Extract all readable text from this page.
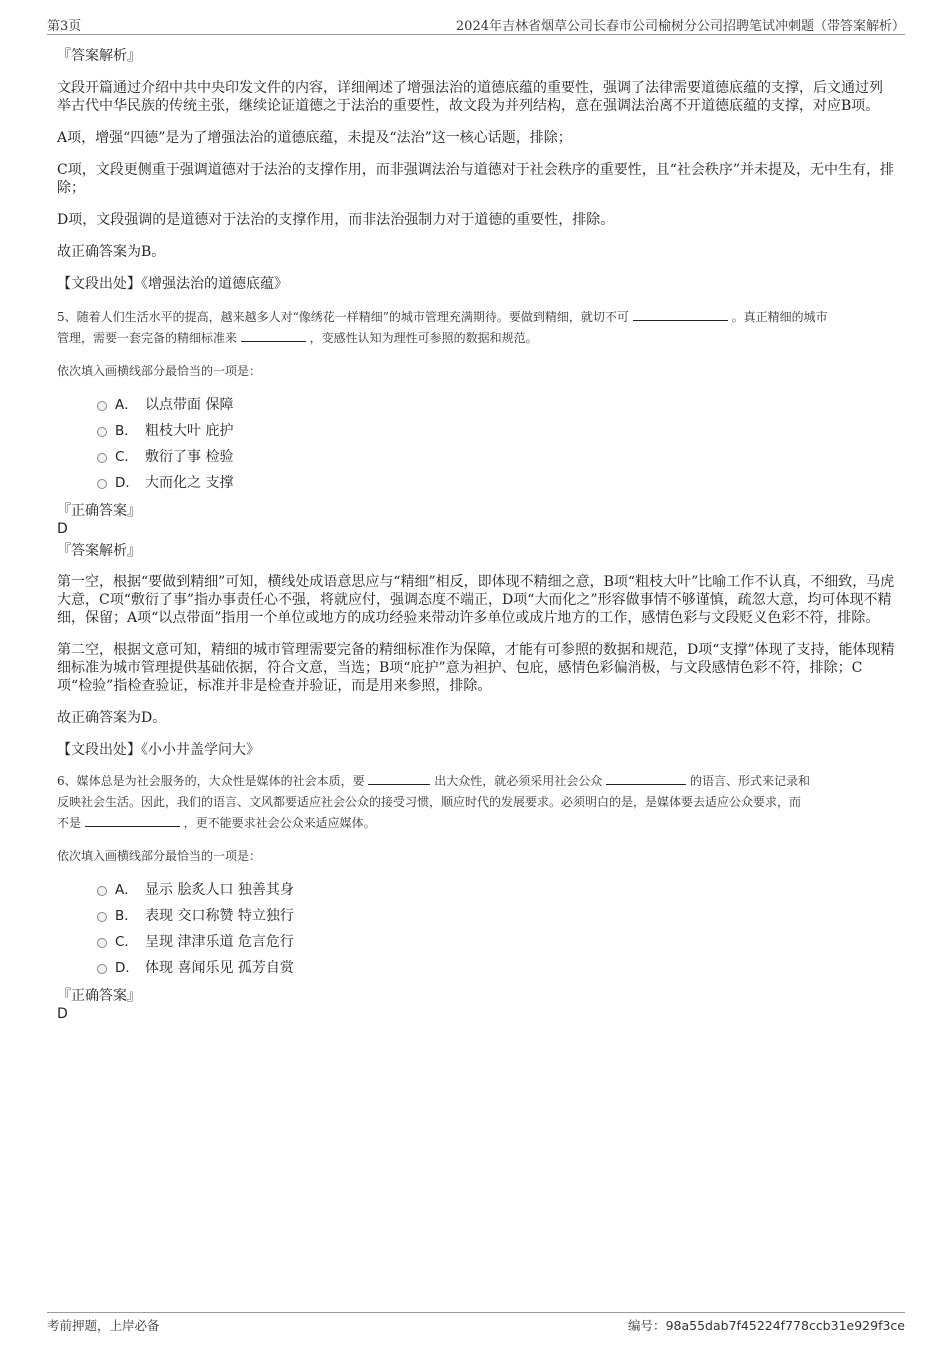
第3页	2024年吉林省烟草公司长春市公司榆树分公司招聘笔试冲刺题（带答案解析）
『答案解析』
文段开篇通过介绍中共中央印发文件的内容，详细阐述了增强法治的道德底蕴的重要性，强调了法律需要道德底蕴的支撑，后文通过列举古代中华民族的传统主张，继续论证道德之于法治的重要性，故文段为并列结构，意在强调法治离不开道德底蕴的支撑，对应B项。
A项，增强“四德”是为了增强法治的道德底蕴，未提及“法治”这一核心话题，排除；
C项，文段更侧重于强调道德对于法治的支撑作用，而非强调法治与道德对于社会秩序的重要性，且“社会秩序”并未提及，无中生有，排除；
D项，文段强调的是道德对于法治的支撑作用，而非法治强制力对于道德的重要性，排除。
故正确答案为B。
【文段出处】《增强法治的道德底蕴》
5、随着人们生活水平的提高，越来越多人对“像绣花一样精细”的城市管理充满期待。要做到精细，就切不可	。真正精细的城市
管理，需要一套完备的精细标准来	，变感性认知为理性可参照的数据和规范。
依次填入画横线部分最恰当的一项是：
A． 以点带面 保障
B． 粗枝大叶 庇护
C． 敷衍了事 检验
D． 大而化之 支撑
『正确答案』
D
『答案解析』
第一空，根据“要做到精细”可知，横线处成语意思应与“精细”相反，即体现不精细之意，B项“粗枝大叶”比喻工作不认真，不细致，马虎大意，C项“敷衍了事”指办事责任心不强，将就应付，强调态度不端正，D项“大而化之”形容做事情不够谨慎，疏忽大意，均可体现不精细，保留；A项“以点带面”指用一个单位或地方的成功经验来带动许多单位或成片地方的工作，感情色彩与文段贬义色彩不符，排除。
第二空，根据文意可知，精细的城市管理需要完备的精细标准作为保障，才能有可参照的数据和规范，D项“支撑”体现了支持，能体现精细标准为城市管理提供基础依据，符合文意，当选；B项“庇护”意为袒护、包庇，感情色彩偏消极，与文段感情色彩不符，排除；C项“检验”指检查验证，标准并非是检查并验证，而是用来参照，排除。
故正确答案为D。
【文段出处】《小小井盖学问大》
6、媒体总是为社会服务的，大众性是媒体的社会本质，要	出大众性，就必须采用社会公众	的语言、形式来记录和
反映社会生活。因此，我们的语言、文风都要适应社会公众的接受习惯，顺应时代的发展要求。必须明白的是，是媒体要去适应公众要求，而
不是	，更不能要求社会公众来适应媒体。
依次填入画横线部分最恰当的一项是：
A． 显示 脍炙人口 独善其身
B． 表现 交口称赞 特立独行
C． 呈现 津津乐道 危言危行
D． 体现 喜闻乐见 孤芳自赏
『正确答案』
D
考前押题，上岸必备	编号：98a55dab7f45224f778ccb31e929f3ce
